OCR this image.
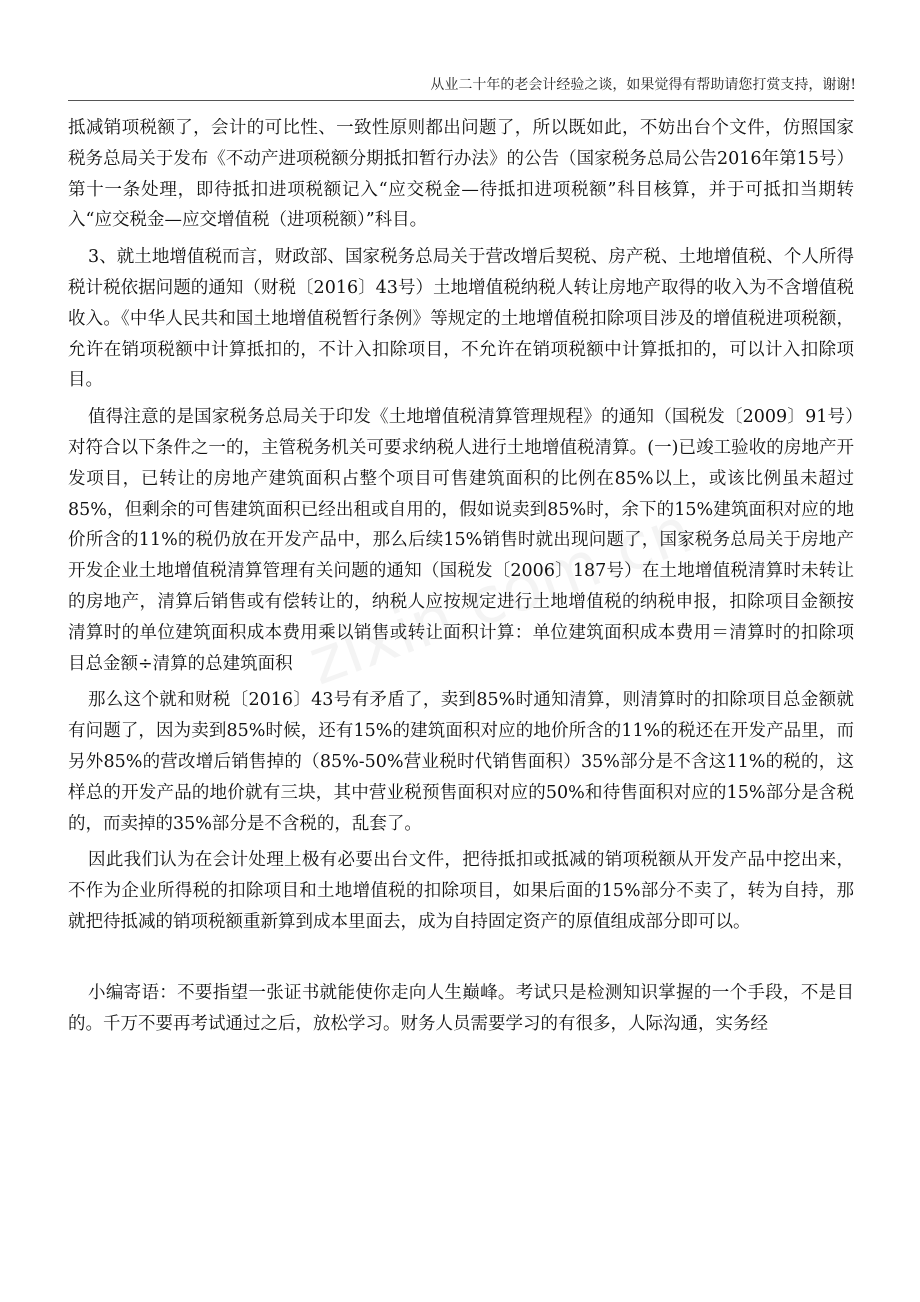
从业二十年的老会计经验之谈，如果觉得有帮助请您打赏支持，谢谢!

抵减销项税额了，会计的可比性、一致性原则都出问题了，所以既如此，不妨出台个文件，仿照国家税务总局关于发布《不动产进项税额分期抵扣暂行办法》的公告（国家税务总局公告2016年第15号）第十一条处理，即待抵扣进项税额记入“应交税金—待抵扣进项税额”科目核算，并于可抵扣当期转入“应交税金—应交增值税（进项税额）”科目。

3、就土地增值税而言，财政部、国家税务总局关于营改增后契税、房产税、土地增值税、个人所得税计税依据问题的通知（财税〔2016〕43号）土地增值税纳税人转让房地产取得的收入为不含增值税收入。《中华人民共和国土地增值税暂行条例》等规定的土地增值税扣除项目涉及的增值税进项税额，允许在销项税额中计算抵扣的，不计入扣除项目，不允许在销项税额中计算抵扣的，可以计入扣除项目。

值得注意的是国家税务总局关于印发《土地增值税清算管理规程》的通知（国税发〔2009〕91号）对符合以下条件之一的，主管税务机关可要求纳税人进行土地增值税清算。(一)已竣工验收的房地产开发项目，已转让的房地产建筑面积占整个项目可售建筑面积的比例在85%以上，或该比例虽未超过85%，但剩余的可售建筑面积已经出租或自用的，假如说卖到85%时，余下的15%建筑面积对应的地价所含的11%的税仍放在开发产品中，那么后续15%销售时就出现问题了，国家税务总局关于房地产开发企业土地增值税清算管理有关问题的通知（国税发〔2006〕187号）在土地增值税清算时未转让的房地产，清算后销售或有偿转让的，纳税人应按规定进行土地增值税的纳税申报，扣除项目金额按清算时的单位建筑面积成本费用乘以销售或转让面积计算：单位建筑面积成本费用＝清算时的扣除项目总金额÷清算的总建筑面积

那么这个就和财税〔2016〕43号有矛盾了，卖到85%时通知清算，则清算时的扣除项目总金额就有问题了，因为卖到85%时候，还有15%的建筑面积对应的地价所含的11%的税还在开发产品里，而另外85%的营改增后销售掉的（85%-50%营业税时代销售面积）35%部分是不含这11%的税的，这样总的开发产品的地价就有三块，其中营业税预售面积对应的50%和待售面积对应的15%部分是含税的，而卖掉的35%部分是不含税的，乱套了。

因此我们认为在会计处理上极有必要出台文件，把待抵扣或抵减的销项税额从开发产品中挖出来，不作为企业所得税的扣除项目和土地增值税的扣除项目，如果后面的15%部分不卖了，转为自持，那就把待抵减的销项税额重新算到成本里面去，成为自持固定资产的原值组成部分即可以。

小编寄语：不要指望一张证书就能使你走向人生巅峰。考试只是检测知识掌握的一个手段，不是目的。千万不要再考试通过之后，放松学习。财务人员需要学习的有很多，人际沟通，实务经
